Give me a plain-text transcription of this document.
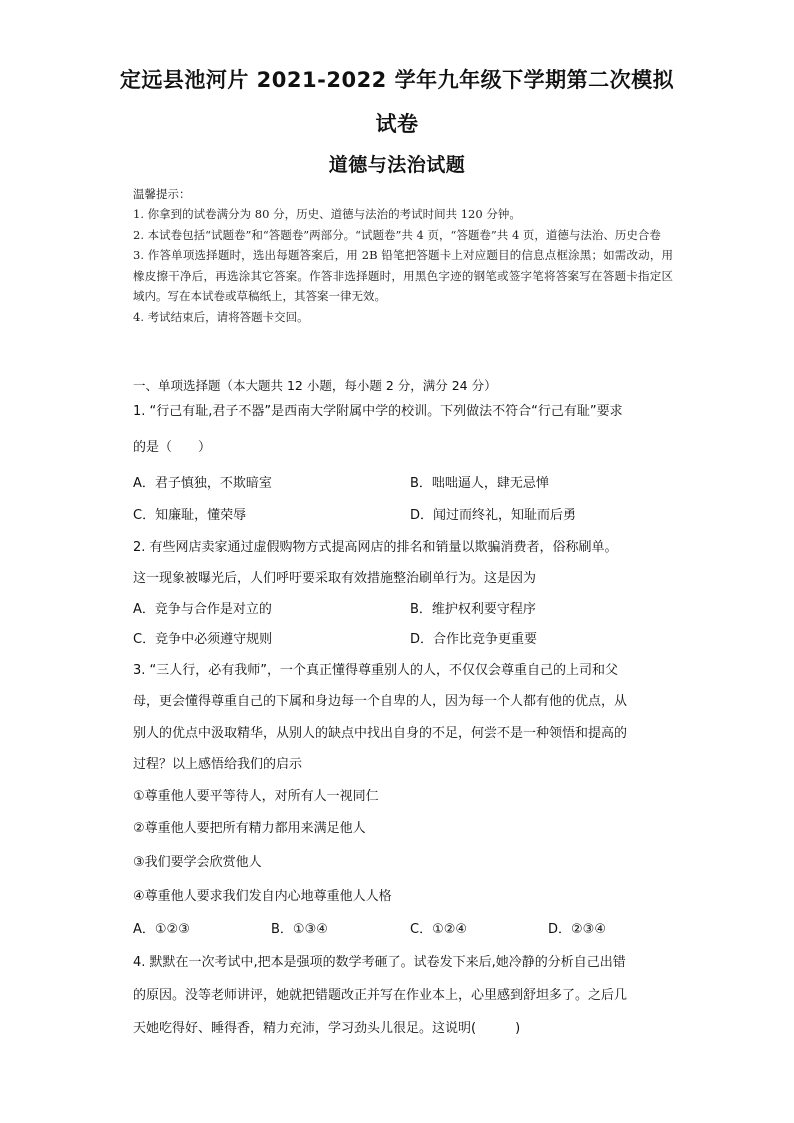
定远县池河片 2021-2022 学年九年级下学期第二次模拟
试卷
道德与法治试题
温馨提示：

1. 你拿到的试卷满分为 80 分，历史、道德与法治的考试时间共 120 分钟。

2. 本试卷包括“试题卷”和“答题卷”两部分。“试题卷”共 4 页，“答题卷”共 4 页，道德与法治、历史合卷

3. 作答单项选择题时，选出每题答案后，用 2B 铅笔把答题卡上对应题目的信息点框涂黑；如需改动，用橡皮擦干净后，再选涂其它答案。作答非选择题时，用黑色字迹的钢笔或签字笔将答案写在答题卡指定区域内。写在本试卷或草稿纸上，其答案一律无效。

4. 考试结束后，请将答题卡交回。

一、单项选择题（本大题共 12 小题，每小题 2 分，满分 24 分）
1. “行己有耻,君子不器”是西南大学附属中学的校训。下列做法不符合“行己有耻”要求
的是（　　）
A．君子慎独，不欺暗室	B．咄咄逼人，肆无忌惮
C．知廉耻，懂荣辱	D．闻过而终礼，知耻而后勇
2. 有些网店卖家通过虚假购物方式提高网店的排名和销量以欺骗消费者，俗称刷单。
这一现象被曝光后，人们呼吁要采取有效措施整治刷单行为。这是因为
A．竞争与合作是对立的	B．维护权利要守程序
C．竞争中必须遵守规则	D．合作比竞争更重要
3. “三人行，必有我师”，一个真正懂得尊重别人的人，不仅仅会尊重自己的上司和父
母，更会懂得尊重自己的下属和身边每一个自卑的人，因为每一个人都有他的优点，从
别人的优点中汲取精华，从别人的缺点中找出自身的不足，何尝不是一种领悟和提高的
过程？以上感悟给我们的启示
①尊重他人要平等待人，对所有人一视同仁
②尊重他人要把所有精力都用来满足他人
③我们要学会欣赏他人
④尊重他人要求我们发自内心地尊重他人人格
A．①②③	B．①③④	C．①②④	D．②③④
4. 默默在一次考试中,把本是强项的数学考砸了。试卷发下来后,她冷静的分析自己出错
的原因。没等老师讲评，她就把错题改正并写在作业本上，心里感到舒坦多了。之后几
天她吃得好、睡得香，精力充沛，学习劲头儿很足。这说明(　　　)
